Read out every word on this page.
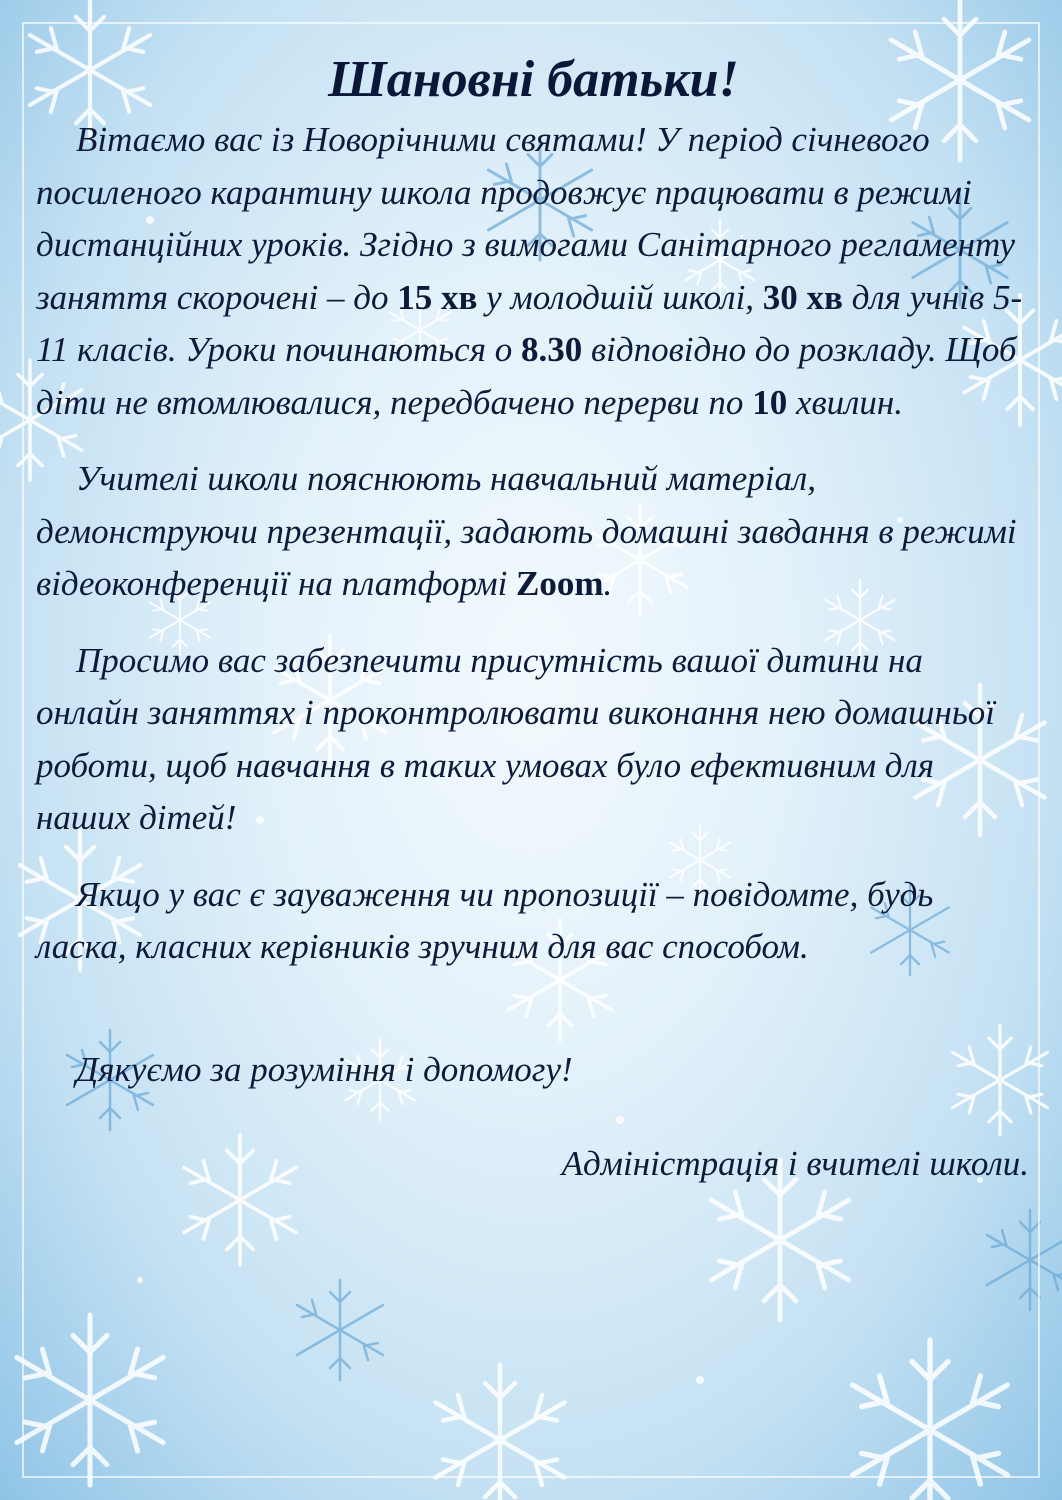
Шановні батьки!

Вітаємо вас із Новорічними святами! У період січневого посиленого карантину школа продовжує працювати в режимі дистанційних уроків. Згідно з вимогами Санітарного регламенту заняття скорочені – до 15 хв у молодшій школі, 30 хв для учнів 5-11 класів. Уроки починаються о 8.30 відповідно до розкладу. Щоб діти не втомлювалися, передбачено перерви по 10 хвилин.

Учителі школи пояснюють навчальний матеріал, демонструючи презентації, задають домашні завдання в режимі відеоконференції на платформі Zoom.

Просимо вас забезпечити присутність вашої дитини на онлайн заняттях і проконтролювати виконання нею домашньої роботи, щоб навчання в таких умовах було ефективним для наших дітей!

Якщо у вас є зауваження чи пропозиції – повідомте, будь ласка, класних керівників зручним для вас способом.

Дякуємо за розуміння і допомогу!

Адміністрація і вчителі школи.
